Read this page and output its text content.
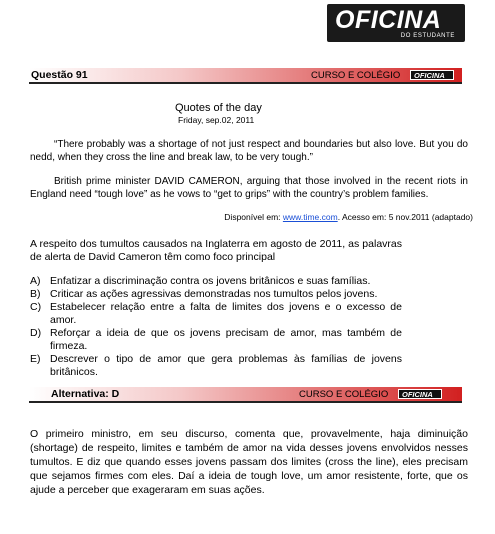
OFICINA
DO ESTUDANTE
Questão 91	CURSO E COLÉGIO OFICINA
Quotes of the day
Friday, sep.02, 2011

“There probably was a shortage of not just respect and boundaries but also love. But you do nedd, when they cross the line and break law, to be very tough.”

British prime minister DAVID CAMERON, arguing that those involved in the recent riots in England need “tough love” as he vows to “get to grips” with the country’s problem families.

Disponível em: www.time.com. Acesso em: 5 nov.2011 (adaptado)

A respeito dos tumultos causados na Inglaterra em agosto de 2011, as palavras de alerta de David Cameron têm como foco principal

A) Enfatizar a discriminação contra os jovens britânicos e suas famílias.
B) Criticar as ações agressivas demonstradas nos tumultos pelos jovens.
C) Estabelecer relação entre a falta de limites dos jovens e o excesso de amor.
D) Reforçar a ideia de que os jovens precisam de amor, mas também de firmeza.
E) Descrever o tipo de amor que gera problemas às famílias de jovens britânicos.
Alternativa: D	CURSO E COLÉGIO OFICINA

O primeiro ministro, em seu discurso, comenta que, provavelmente, haja diminuição (shortage) de respeito, limites e também de amor na vida desses jovens envolvidos nesses tumultos. E diz que quando esses jovens passam dos limites (cross the line), eles precisam que sejamos firmes com eles. Daí a ideia de tough love, um amor resistente, forte, que os ajude a perceber que exageraram em suas ações.
